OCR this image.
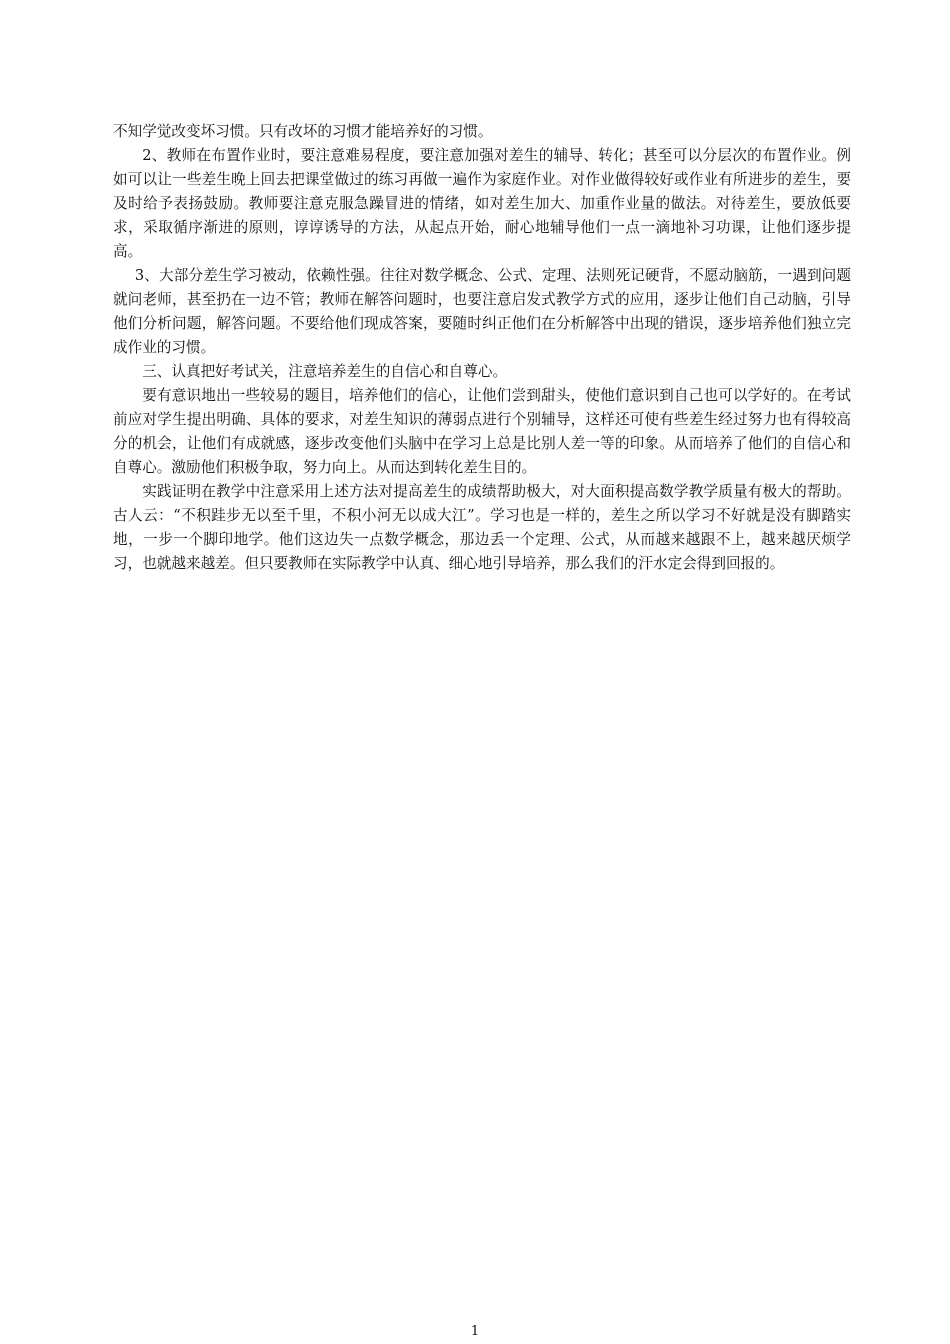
不知学觉改变坏习惯。只有改坏的习惯才能培养好的习惯。

2、教师在布置作业时，要注意难易程度，要注意加强对差生的辅导、转化；甚至可以分层次的布置作业。例如可以让一些差生晚上回去把课堂做过的练习再做一遍作为家庭作业。对作业做得较好或作业有所进步的差生，要及时给予表扬鼓励。教师要注意克服急躁冒进的情绪，如对差生加大、加重作业量的做法。对待差生，要放低要求，采取循序渐进的原则，谆谆诱导的方法，从起点开始，耐心地辅导他们一点一滴地补习功课，让他们逐步提高。

3、大部分差生学习被动，依赖性强。往往对数学概念、公式、定理、法则死记硬背，不愿动脑筋，一遇到问题就问老师，甚至扔在一边不管；教师在解答问题时，也要注意启发式教学方式的应用，逐步让他们自己动脑，引导他们分析问题，解答问题。不要给他们现成答案，要随时纠正他们在分析解答中出现的错误，逐步培养他们独立完成作业的习惯。

三、认真把好考试关，注意培养差生的自信心和自尊心。

要有意识地出一些较易的题目，培养他们的信心，让他们尝到甜头，使他们意识到自己也可以学好的。在考试前应对学生提出明确、具体的要求，对差生知识的薄弱点进行个别辅导，这样还可使有些差生经过努力也有得较高分的机会，让他们有成就感，逐步改变他们头脑中在学习上总是比别人差一等的印象。从而培养了他们的自信心和自尊心。激励他们积极争取，努力向上。从而达到转化差生目的。

实践证明在教学中注意采用上述方法对提高差生的成绩帮助极大，对大面积提高数学教学质量有极大的帮助。古人云：“不积跬步无以至千里，不积小河无以成大江”。学习也是一样的，差生之所以学习不好就是没有脚踏实地，一步一个脚印地学。他们这边失一点数学概念，那边丢一个定理、公式，从而越来越跟不上，越来越厌烦学习，也就越来越差。但只要教师在实际教学中认真、细心地引导培养，那么我们的汗水定会得到回报的。

1
